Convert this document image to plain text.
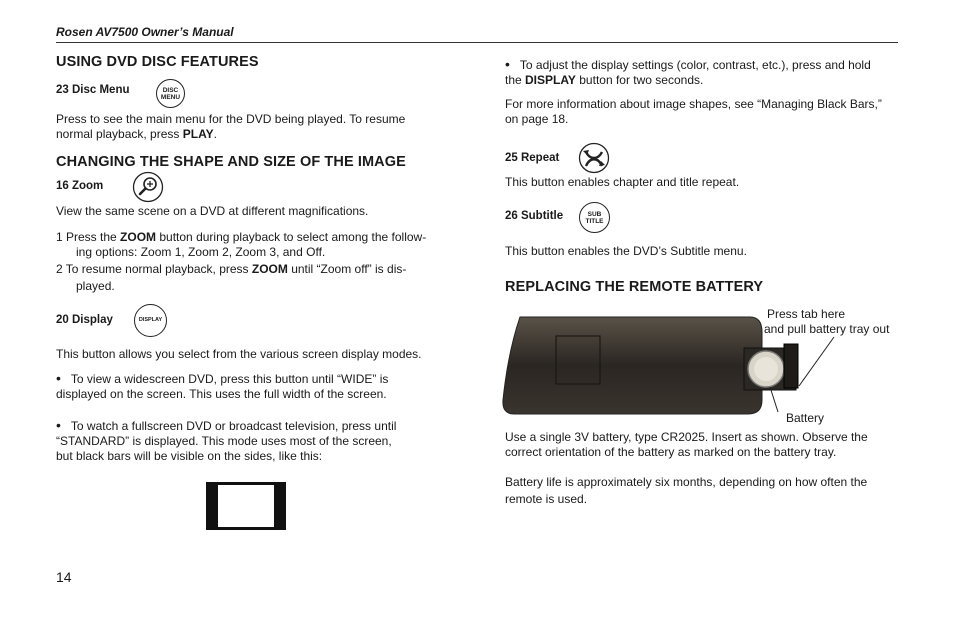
Rosen AV7500 Owner’s Manual
USING DVD DISC FEATURES
23 Disc Menu	DISC
MENU
Press to see the main menu for the DVD being played. To resume
normal playback, press PLAY.
CHANGING THE SHAPE AND SIZE OF THE IMAGE
16 Zoom
View the same scene on a DVD at different magnifications.
1 Press the ZOOM button during playback to select among the follow-
ing options: Zoom 1, Zoom 2, Zoom 3, and Off.
2 To resume normal playback, press ZOOM until “Zoom off” is dis-
played.
20 Display	DISPLAY
This button allows you select from the various screen display modes.
• To view a widescreen DVD, press this button until “WIDE” is
displayed on the screen. This uses the full width of the screen.
• To watch a fullscreen DVD or broadcast television, press until
“STANDARD” is displayed. This mode uses most of the screen,
but black bars will be visible on the sides, like this:
14
• To adjust the display settings (color, contrast, etc.), press and hold
the DISPLAY button for two seconds.
For more information about image shapes, see “Managing Black Bars,”
on page 18.
25 Repeat
This button enables chapter and title repeat.
26 Subtitle	SUB
TITLE
This button enables the DVD’s Subtitle menu.
REPLACING THE REMOTE BATTERY
Press tab here
and pull battery tray out
Battery
Use a single 3V battery, type CR2025. Insert as shown. Observe the
correct orientation of the battery as marked on the battery tray.
Battery life is approximately six months, depending on how often the
remote is used.
